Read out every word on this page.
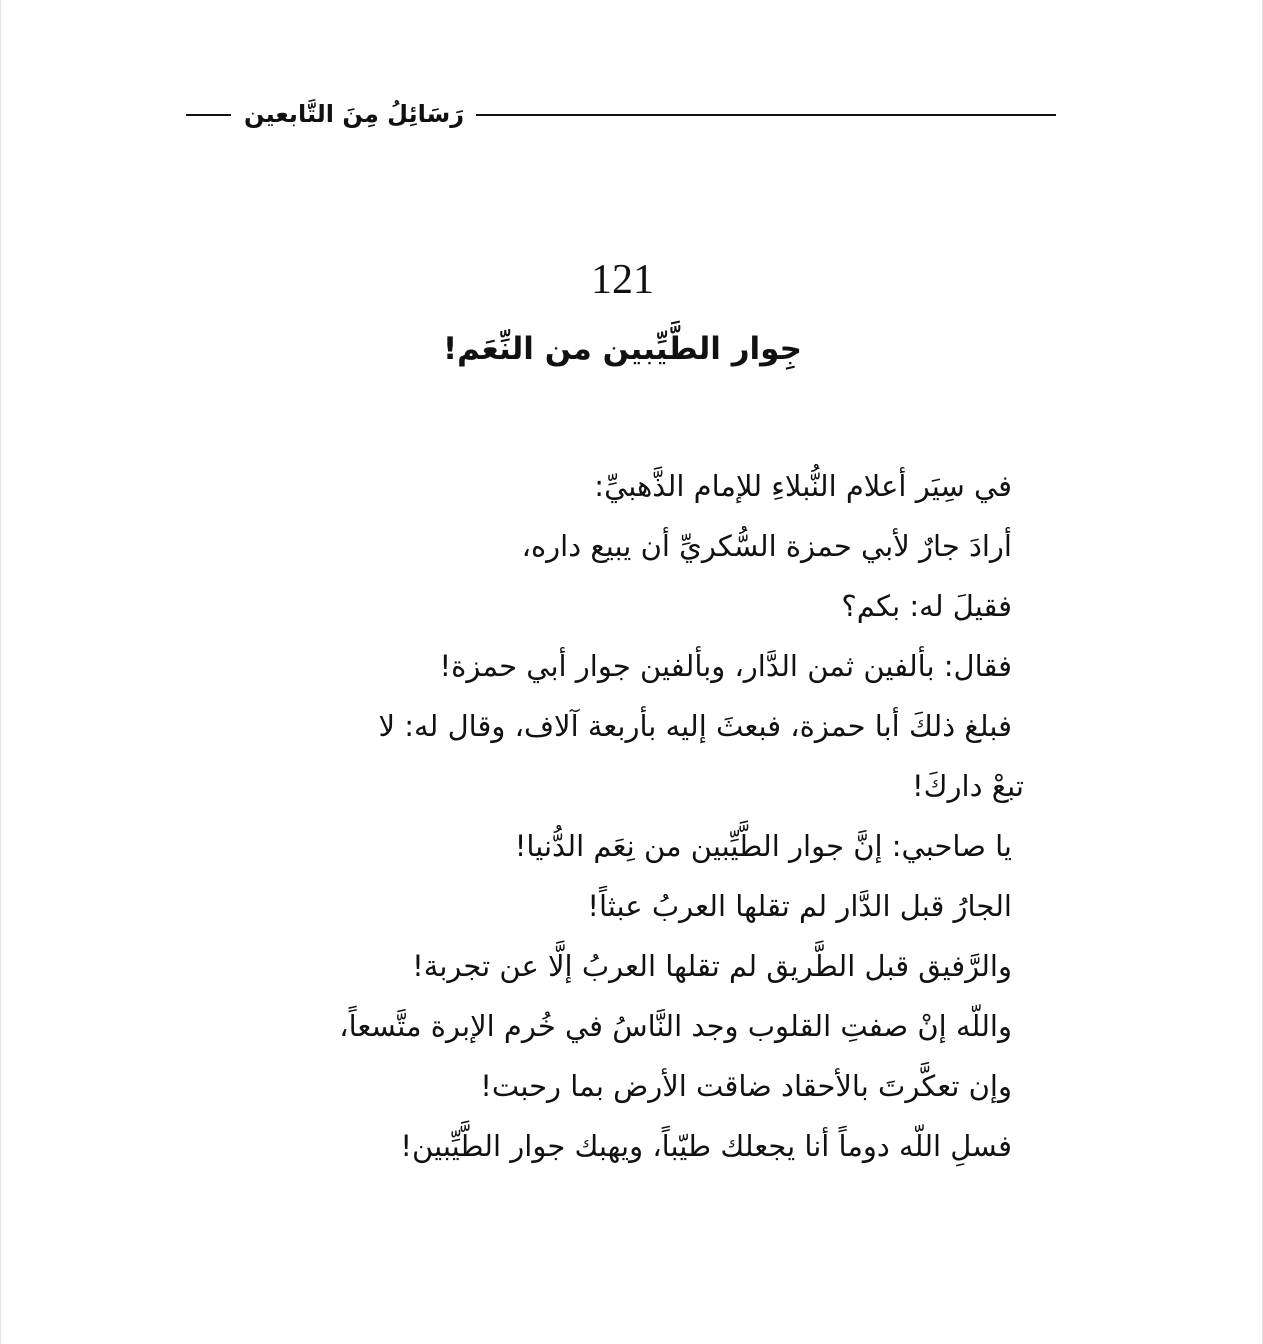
رَسَائِلُ مِنَ التَّابعين
121
جِوار الطَّيِّبين من النِّعَم!
في سِيَر أعلام النُّبلاءِ للإمام الذَّهبيِّ:
أرادَ جارٌ لأبي حمزة السُّكريِّ أن يبيع داره،
فقيلَ له: بكم؟
فقال: بألفين ثمن الدَّار، وبألفين جوار أبي حمزة!
فبلغ ذلكَ أبا حمزة، فبعثَ إليه بأربعة آلاف، وقال له: لا
تبعْ داركَ!
يا صاحبي: إنَّ جوار الطَّيِّبين من نِعَم الدُّنيا!
الجارُ قبل الدَّار لم تقلها العربُ عبثاً!
والرَّفيق قبل الطَّريق لم تقلها العربُ إلَّا عن تجربة!
واللّه إنْ صفتِ القلوب وجد النَّاسُ في خُرم الإبرة متَّسعاً،
وإن تعكَّرتَ بالأحقاد ضاقت الأرض بما رحبت!
فسلِ اللّه دوماً أنا يجعلك طيّباً، ويهبك جوار الطَّيِّبين!
